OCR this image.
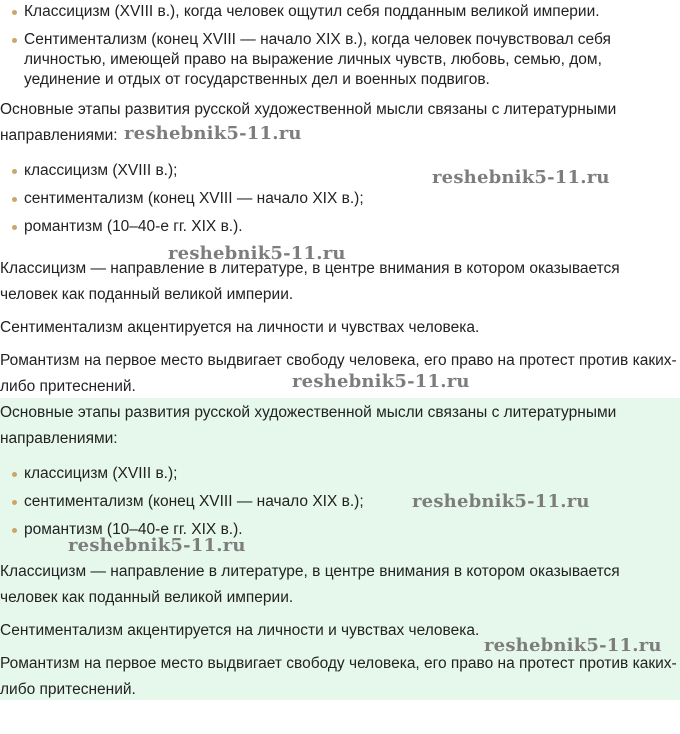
Классицизм (XVIII в.), когда человек ощутил себя подданным великой империи.
Сентиментализм (конец XVIII — начало XIX в.), когда человек почувствовал себя личностью, имеющей право на выражение личных чувств, любовь, семью, дом, уединение и отдых от государственных дел и военных подвигов.

Основные этапы развития русской художественной мысли связаны с литературными направлениями:

классицизм (XVIII в.);
сентиментализм (конец XVIII — начало XIX в.);
романтизм (10–40-е гг. XIX в.).

Классицизм — направление в литературе, в центре внимания в котором оказывается человек как поданный великой империи.

Сентиментализм акцентируется на личности и чувствах человека.

Романтизм на первое место выдвигает свободу человека, его право на протест против каких-либо притеснений.

Основные этапы развития русской художественной мысли связаны с литературными направлениями:

классицизм (XVIII в.);
сентиментализм (конец XVIII — начало XIX в.);
романтизм (10–40-е гг. XIX в.).

Классицизм — направление в литературе, в центре внимания в котором оказывается человек как поданный великой империи.

Сентиментализм акцентируется на личности и чувствах человека.

Романтизм на первое место выдвигает свободу человека, его право на протест против каких-либо притеснений.

reshebnik5-11.ru
reshebnik5-11.ru
reshebnik5-11.ru
reshebnik5-11.ru
reshebnik5-11.ru
reshebnik5-11.ru
reshebnik5-11.ru
